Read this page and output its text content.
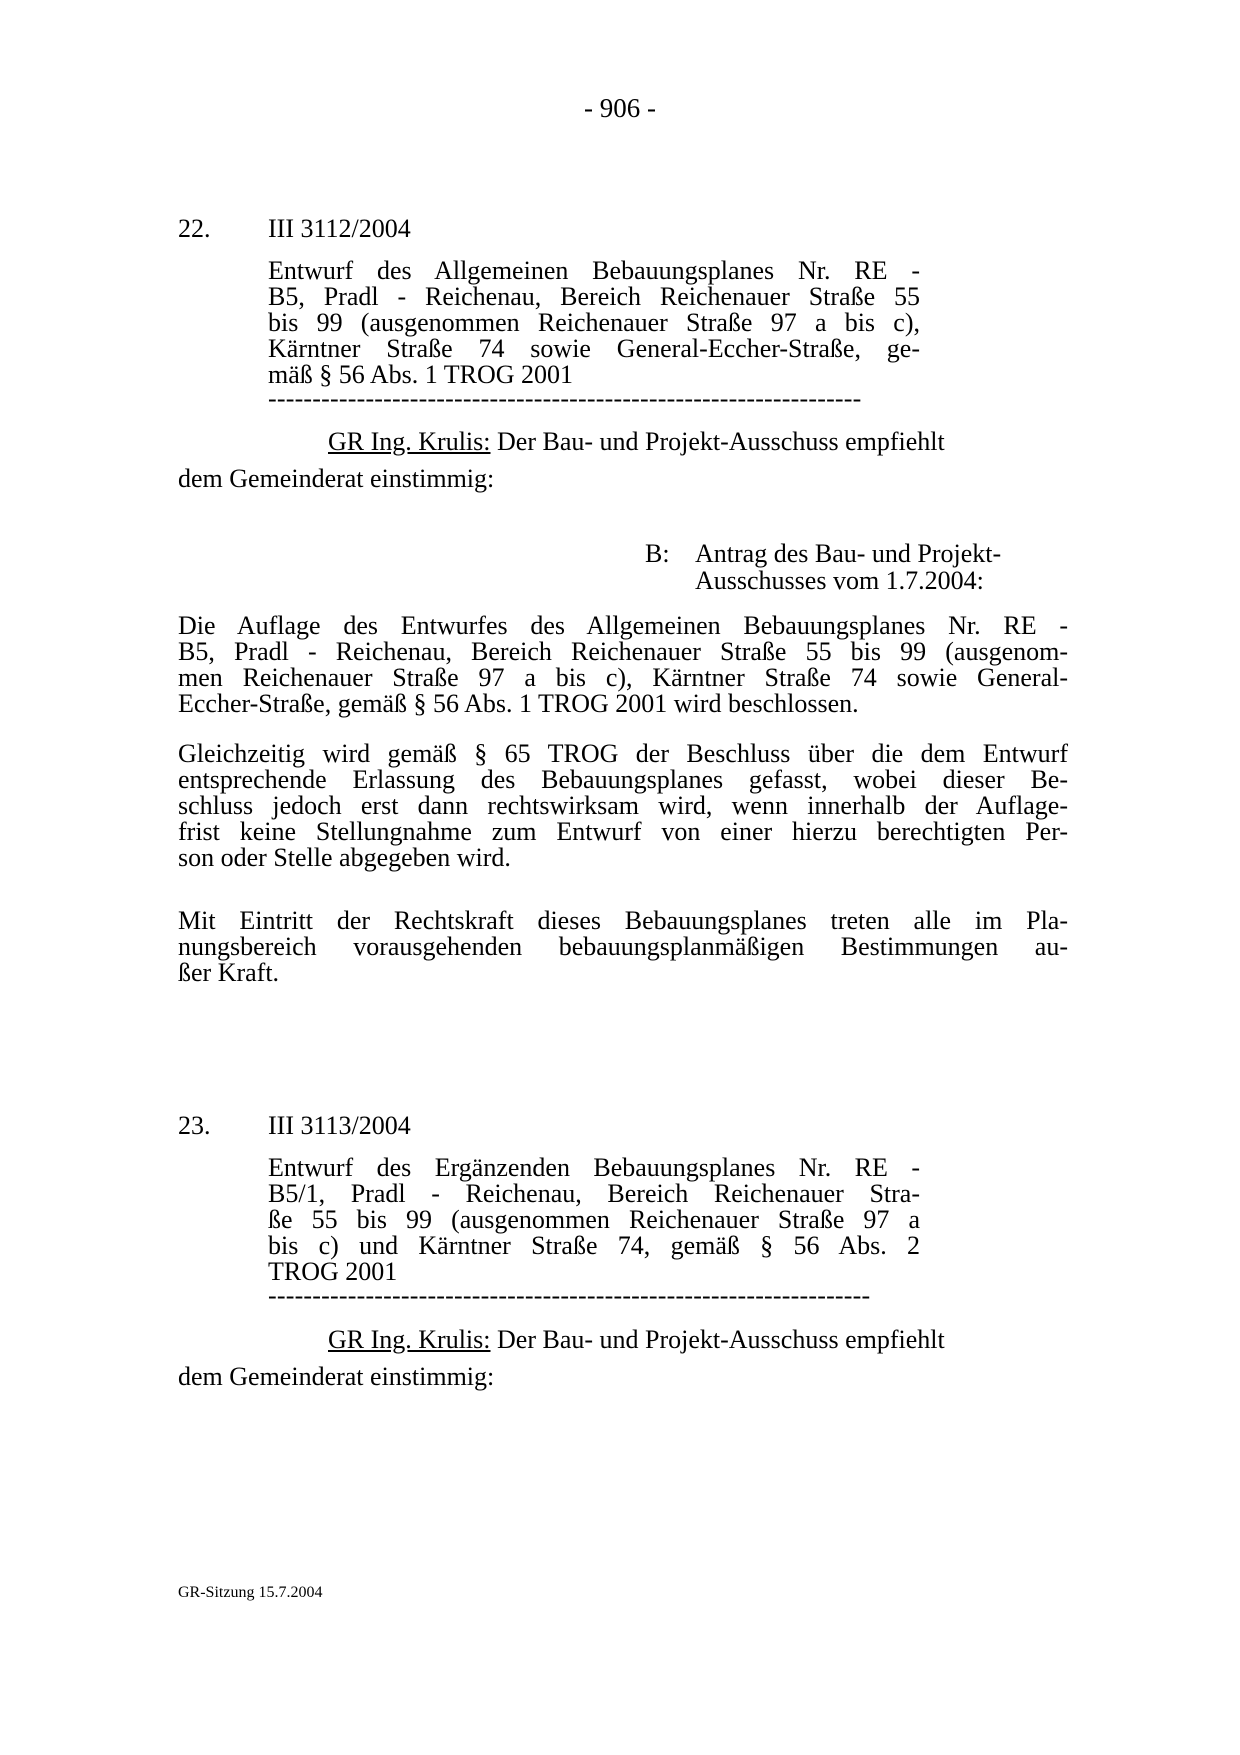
- 906 -
22. III 3112/2004
Entwurf des Allgemeinen Bebauungsplanes Nr. RE -
B5, Pradl - Reichenau, Bereich Reichenauer Straße 55
bis 99 (ausgenommen Reichenauer Straße 97 a bis c),
Kärntner Straße 74 sowie General-Eccher-Straße, ge-
mäß § 56 Abs. 1 TROG 2001
-------------------------------------------------------------------
GR Ing. Krulis: Der Bau- und Projekt-Ausschuss empfiehlt
dem Gemeinderat einstimmig:
B: Antrag des Bau- und Projekt-
Ausschusses vom 1.7.2004:
Die Auflage des Entwurfes des Allgemeinen Bebauungsplanes Nr. RE -
B5, Pradl - Reichenau, Bereich Reichenauer Straße 55 bis 99 (ausgenom-
men Reichenauer Straße 97 a bis c), Kärntner Straße 74 sowie General-
Eccher-Straße, gemäß § 56 Abs. 1 TROG 2001 wird beschlossen.
Gleichzeitig wird gemäß § 65 TROG der Beschluss über die dem Entwurf
entsprechende Erlassung des Bebauungsplanes gefasst, wobei dieser Be-
schluss jedoch erst dann rechtswirksam wird, wenn innerhalb der Auflage-
frist keine Stellungnahme zum Entwurf von einer hierzu berechtigten Per-
son oder Stelle abgegeben wird.
Mit Eintritt der Rechtskraft dieses Bebauungsplanes treten alle im Pla-
nungsbereich vorausgehenden bebauungsplanmäßigen Bestimmungen au-
ßer Kraft.
23. III 3113/2004
Entwurf des Ergänzenden Bebauungsplanes Nr. RE -
B5/1, Pradl - Reichenau, Bereich Reichenauer Stra-
ße 55 bis 99 (ausgenommen Reichenauer Straße 97 a
bis c) und Kärntner Straße 74, gemäß § 56 Abs. 2
TROG 2001
--------------------------------------------------------------------
GR Ing. Krulis: Der Bau- und Projekt-Ausschuss empfiehlt
dem Gemeinderat einstimmig:
GR-Sitzung 15.7.2004
